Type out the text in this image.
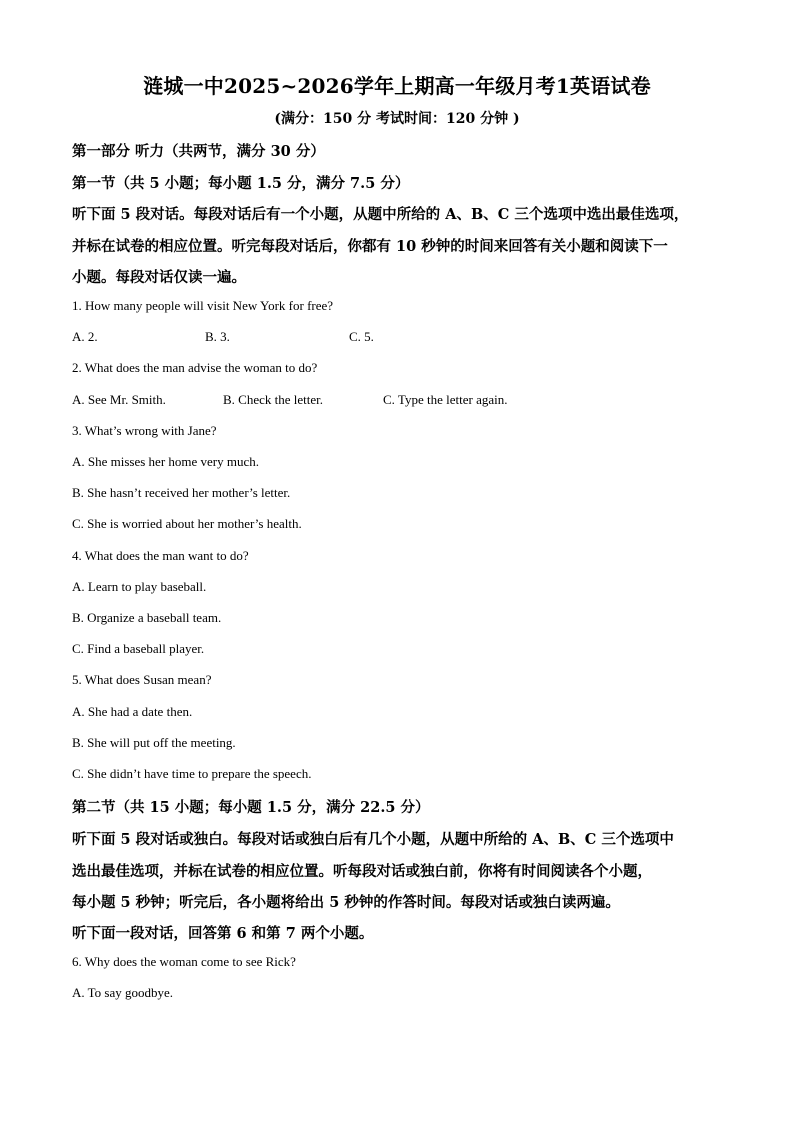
涟城一中2025~2026学年上期高一年级月考1英语试卷
(满分：150 分 考试时间：120 分钟 )
第一部分 听力（共两节，满分 30 分）
第一节（共 5 小题；每小题 1.5 分，满分 7.5 分）
听下面 5 段对话。每段对话后有一个小题，从题中所给的 A、B、C 三个选项中选出最佳选项，
并标在试卷的相应位置。听完每段对话后，你都有 10 秒钟的时间来回答有关小题和阅读下一
小题。每段对话仅读一遍。
1. How many people will visit New York for free?
A. 2.	B. 3.	C. 5.
2. What does the man advise the woman to do?
A. See Mr. Smith.	B. Check the letter.	C. Type the letter again.
3. What’s wrong with Jane?
A. She misses her home very much.
B. She hasn’t received her mother’s letter.
C. She is worried about her mother’s health.
4. What does the man want to do?
A. Learn to play baseball.
B. Organize a baseball team.
C. Find a baseball player.
5. What does Susan mean?
A. She had a date then.
B. She will put off the meeting.
C. She didn’t have time to prepare the speech.
第二节（共 15 小题；每小题 1.5 分，满分 22.5 分）
听下面 5 段对话或独白。每段对话或独白后有几个小题，从题中所给的 A、B、C 三个选项中
选出最佳选项，并标在试卷的相应位置。听每段对话或独白前，你将有时间阅读各个小题，
每小题 5 秒钟；听完后，各小题将给出 5 秒钟的作答时间。每段对话或独白读两遍。
听下面一段对话，回答第 6 和第 7 两个小题。
6. Why does the woman come to see Rick?
A. To say goodbye.
